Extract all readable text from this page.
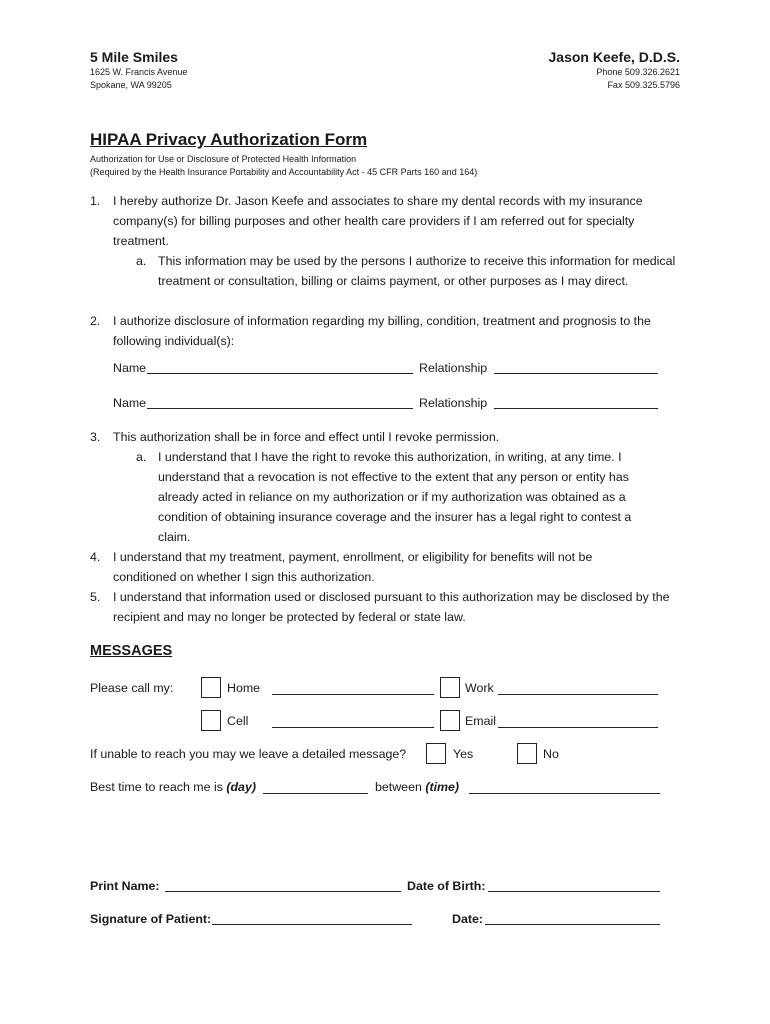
5 Mile Smiles
1625 W. Francis Avenue
Spokane, WA 99205
Jason Keefe, D.D.S.
Phone 509.326.2621
Fax 509.325.5796
HIPAA Privacy Authorization Form
Authorization for Use or Disclosure of Protected Health Information
(Required by the Health Insurance Portability and Accountability Act - 45 CFR Parts 160 and 164)
1. I hereby authorize Dr. Jason Keefe and associates to share my dental records with my insurance company(s) for billing purposes and other health care providers if I am referred out for specialty treatment.
a. This information may be used by the persons I authorize to receive this information for medical treatment or consultation, billing or claims payment, or other purposes as I may direct.
2. I authorize disclosure of information regarding my billing, condition, treatment and prognosis to the following individual(s):
Name	Relationship
Name	Relationship
3. This authorization shall be in force and effect until I revoke permission.
a. I understand that I have the right to revoke this authorization, in writing, at any time. I understand that a revocation is not effective to the extent that any person or entity has already acted in reliance on my authorization or if my authorization was obtained as a condition of obtaining insurance coverage and the insurer has a legal right to contest a claim.
4. I understand that my treatment, payment, enrollment, or eligibility for benefits will not be conditioned on whether I sign this authorization.
5. I understand that information used or disclosed pursuant to this authorization may be disclosed by the recipient and may no longer be protected by federal or state law.
MESSAGES
Please call my:	Home	Work
Cell	Email
If unable to reach you may we leave a detailed message?	Yes	No
Best time to reach me is (day)	between (time)
Print Name:	Date of Birth:
Signature of Patient:	Date:
